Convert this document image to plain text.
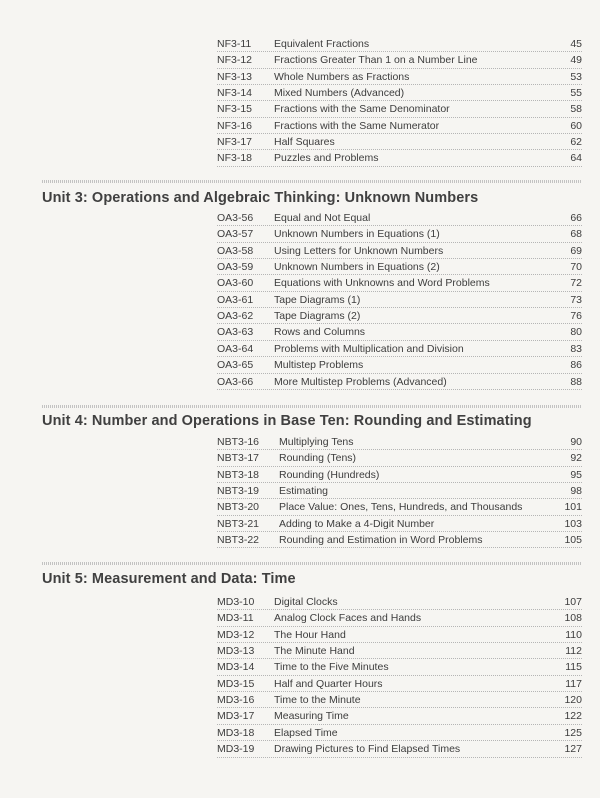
NF3-11 Equivalent Fractions	45
NF3-12 Fractions Greater Than 1 on a Number Line	49
NF3-13 Whole Numbers as Fractions	53
NF3-14 Mixed Numbers (Advanced)	55
NF3-15 Fractions with the Same Denominator	58
NF3-16 Fractions with the Same Numerator	60
NF3-17 Half Squares	62
NF3-18 Puzzles and Problems	64
Unit 3: Operations and Algebraic Thinking: Unknown Numbers
OA3-56 Equal and Not Equal	66
OA3-57 Unknown Numbers in Equations (1)	68
OA3-58 Using Letters for Unknown Numbers	69
OA3-59 Unknown Numbers in Equations (2)	70
OA3-60 Equations with Unknowns and Word Problems	72
OA3-61 Tape Diagrams (1)	73
OA3-62 Tape Diagrams (2)	76
OA3-63 Rows and Columns	80
OA3-64 Problems with Multiplication and Division	83
OA3-65 Multistep Problems	86
OA3-66 More Multistep Problems (Advanced)	88
Unit 4: Number and Operations in Base Ten: Rounding and Estimating
NBT3-16 Multiplying Tens	90
NBT3-17 Rounding (Tens)	92
NBT3-18 Rounding (Hundreds)	95
NBT3-19 Estimating	98
NBT3-20 Place Value: Ones, Tens, Hundreds, and Thousands	101
NBT3-21 Adding to Make a 4-Digit Number	103
NBT3-22 Rounding and Estimation in Word Problems	105
Unit 5: Measurement and Data: Time
MD3-10 Digital Clocks	107
MD3-11 Analog Clock Faces and Hands	108
MD3-12 The Hour Hand	110
MD3-13 The Minute Hand	112
MD3-14 Time to the Five Minutes	115
MD3-15 Half and Quarter Hours	117
MD3-16 Time to the Minute	120
MD3-17 Measuring Time	122
MD3-18 Elapsed Time	125
MD3-19 Drawing Pictures to Find Elapsed Times	127
